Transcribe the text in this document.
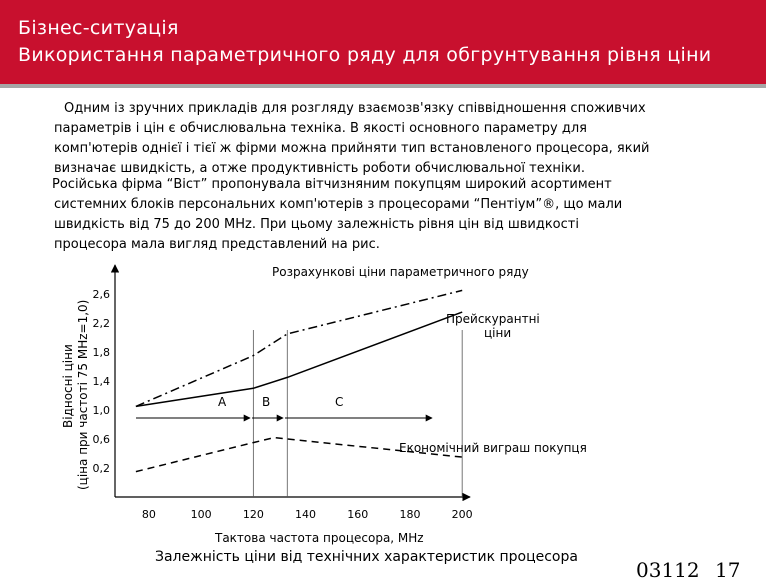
Бізнес-ситуація
Використання параметричного ряду для обгрунтування рівня ціни
Одним із зручних прикладів для розгляду взаємозв'язку співвідношення споживчих
параметрів і цін є обчислювальна техніка. В якості основного параметру для
комп'ютерів однієї і тієї ж фірми можна прийняти тип встановленого процесора, який
визначає швидкість, а отже продуктивність роботи обчислювальної техніки.
Російська фірма “Віст” пропонувала вітчизняним покупцям широкий асортимент
системних блоків персональних комп'ютерів з процесорами “Пентіум”®, що мали
швидкість від 75 до 200 MHz. При цьому залежність рівня цін від швидкості
процесора мала вигляд представлений на рис.
80	100	120	140	160	180	200
0,2
0,6
1,0
1,4
1,8
2,2
2,6
A	B	C
Розрахункові ціни параметричного ряду
Прейскурантні
ціни
Економічний виграш покупця
Тактова частота процесора, MHz
Відносні ціни (ціна при частоті 75 MHz=1,0)
Залежність ціни від технічних характеристик процесора
03112 17
